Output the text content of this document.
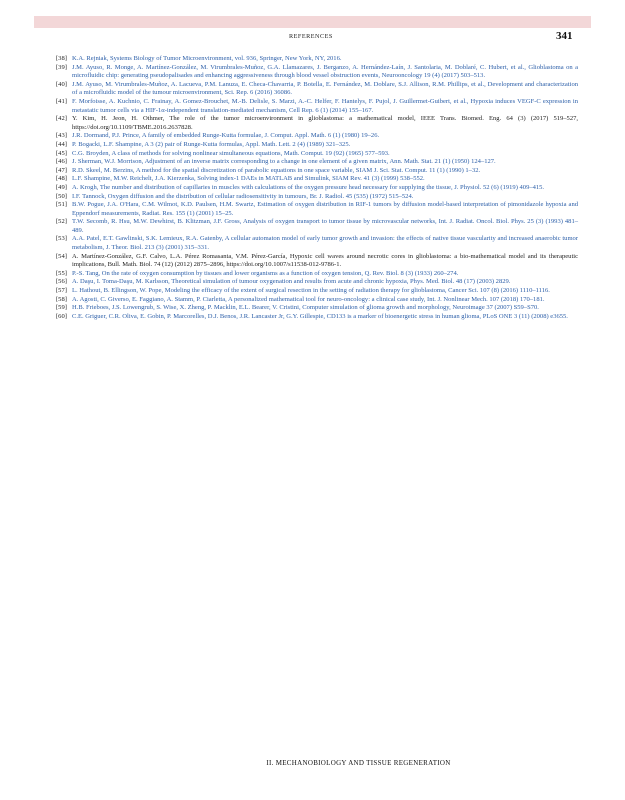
REFERENCES	341
[38] K.A. Rejniak, Systems Biology of Tumor Microenvironment, vol. 936, Springer, New York, NY, 2016.
[39] J.M. Ayuso, R. Monge, A. Martínez-González, M. Virumbrales-Muñoz, G.A. Llamazares, J. Berganzo, A. Hernández-Laín, J. Santolaria, M. Doblaré, C. Hubert, et al., Glioblastoma on a microfluidic chip: generating pseudopalisades and enhancing aggressiveness through blood vessel obstruction events, Neurooncology 19 (4) (2017) 503–513.
[40] J.M. Ayuso, M. Virumbrales-Muñoz, A. Lacueva, P.M. Lanuza, E. Checa-Chavarria, P. Botella, E. Fernández, M. Doblare, S.J. Allison, R.M. Phillips, et al., Development and characterization of a microfluidic model of the tumour microenvironment, Sci. Rep. 6 (2016) 36086.
[41] F. Morfoisse, A. Kuchnio, C. Frainay, A. Gomez-Brouchet, M.-B. Delisle, S. Marzi, A.-C. Helfer, F. Hantelys, F. Pujol, J. Guillermet-Guibert, et al., Hypoxia induces VEGF-C expression in metastatic tumor cells via a HIF-1α-independent translation-mediated mechanism, Cell Rep. 6 (1) (2014) 155–167.
[42] Y. Kim, H. Jeon, H. Othmer, The role of the tumor microenvironment in glioblastoma: a mathematical model, IEEE Trans. Biomed. Eng. 64 (3) (2017) 519–527, https://doi.org/10.1109/TBME.2016.2637828.
[43] J.R. Dormand, P.J. Prince, A family of embedded Runge-Kutta formulae, J. Comput. Appl. Math. 6 (1) (1980) 19–26.
[44] P. Bogacki, L.F. Shampine, A 3 (2) pair of Runge-Kutta formulas, Appl. Math. Lett. 2 (4) (1989) 321–325.
[45] C.G. Broyden, A class of methods for solving nonlinear simultaneous equations, Math. Comput. 19 (92) (1965) 577–593.
[46] J. Sherman, W.J. Morrison, Adjustment of an inverse matrix corresponding to a change in one element of a given matrix, Ann. Math. Stat. 21 (1) (1950) 124–127.
[47] R.D. Skeel, M. Berzins, A method for the spatial discretization of parabolic equations in one space variable, SIAM J. Sci. Stat. Comput. 11 (1) (1990) 1–32.
[48] L.F. Shampine, M.W. Reichelt, J.A. Kierzenka, Solving index-1 DAEs in MATLAB and Simulink, SIAM Rev. 41 (3) (1999) 538–552.
[49] A. Krogh, The number and distribution of capillaries in muscles with calculations of the oxygen pressure head necessary for supplying the tissue, J. Physiol. 52 (6) (1919) 409–415.
[50] I.F. Tannock, Oxygen diffusion and the distribution of cellular radiosensitivity in tumours, Br. J. Radiol. 45 (535) (1972) 515–524.
[51] B.W. Pogue, J.A. O'Hara, C.M. Wilmot, K.D. Paulsen, H.M. Swartz, Estimation of oxygen distribution in RIF-1 tumors by diffusion model-based interpretation of pimonidazole hypoxia and Eppendorf measurements, Radiat. Res. 155 (1) (2001) 15–25.
[52] T.W. Secomb, R. Hsu, M.W. Dewhirst, B. Klitzman, J.F. Gross, Analysis of oxygen transport to tumor tissue by microvascular networks, Int. J. Radiat. Oncol. Biol. Phys. 25 (3) (1993) 481–489.
[53] A.A. Patel, E.T. Gawlinski, S.K. Lemieux, R.A. Gatenby, A cellular automaton model of early tumor growth and invasion: the effects of native tissue vascularity and increased anaerobic tumor metabolism, J. Theor. Biol. 213 (3) (2001) 315–331.
[54] A. Martínez-González, G.F. Calvo, L.A. Pérez Romasanta, V.M. Pérez-García, Hypoxic cell waves around necrotic cores in glioblastoma: a bio-mathematical model and its therapeutic implications, Bull. Math. Biol. 74 (12) (2012) 2875–2896, https://doi.org/10.1007/s11538-012-9786-1.
[55] P.-S. Tang, On the rate of oxygen consumption by tissues and lower organisms as a function of oxygen tension, Q. Rev. Biol. 8 (3) (1933) 260–274.
[56] A. Daşu, I. Toma-Daşu, M. Karlsson, Theoretical simulation of tumour oxygenation and results from acute and chronic hypoxia, Phys. Med. Biol. 48 (17) (2003) 2829.
[57] L. Hathout, B. Ellingson, W. Pope, Modeling the efficacy of the extent of surgical resection in the setting of radiation therapy for glioblastoma, Cancer Sci. 107 (8) (2016) 1110–1116.
[58] A. Agosti, C. Giverso, E. Faggiano, A. Stamm, P. Ciarletta, A personalized mathematical tool for neuro-oncology: a clinical case study, Int. J. Nonlinear Mech. 107 (2018) 170–181.
[59] H.B. Frieboes, J.S. Lowengrub, S. Wise, X. Zheng, P. Macklin, E.L. Bearer, V. Cristini, Computer simulation of glioma growth and morphology, Neuroimage 37 (2007) S59–S70.
[60] C.E. Griguer, C.R. Oliva, E. Gobin, P. Marcorelles, D.J. Benos, J.R. Lancaster Jr, G.Y. Gillespie, CD133 is a marker of bioenergetic stress in human glioma, PLoS ONE 3 (11) (2008) e3655.
II. MECHANOBIOLOGY AND TISSUE REGENERATION
